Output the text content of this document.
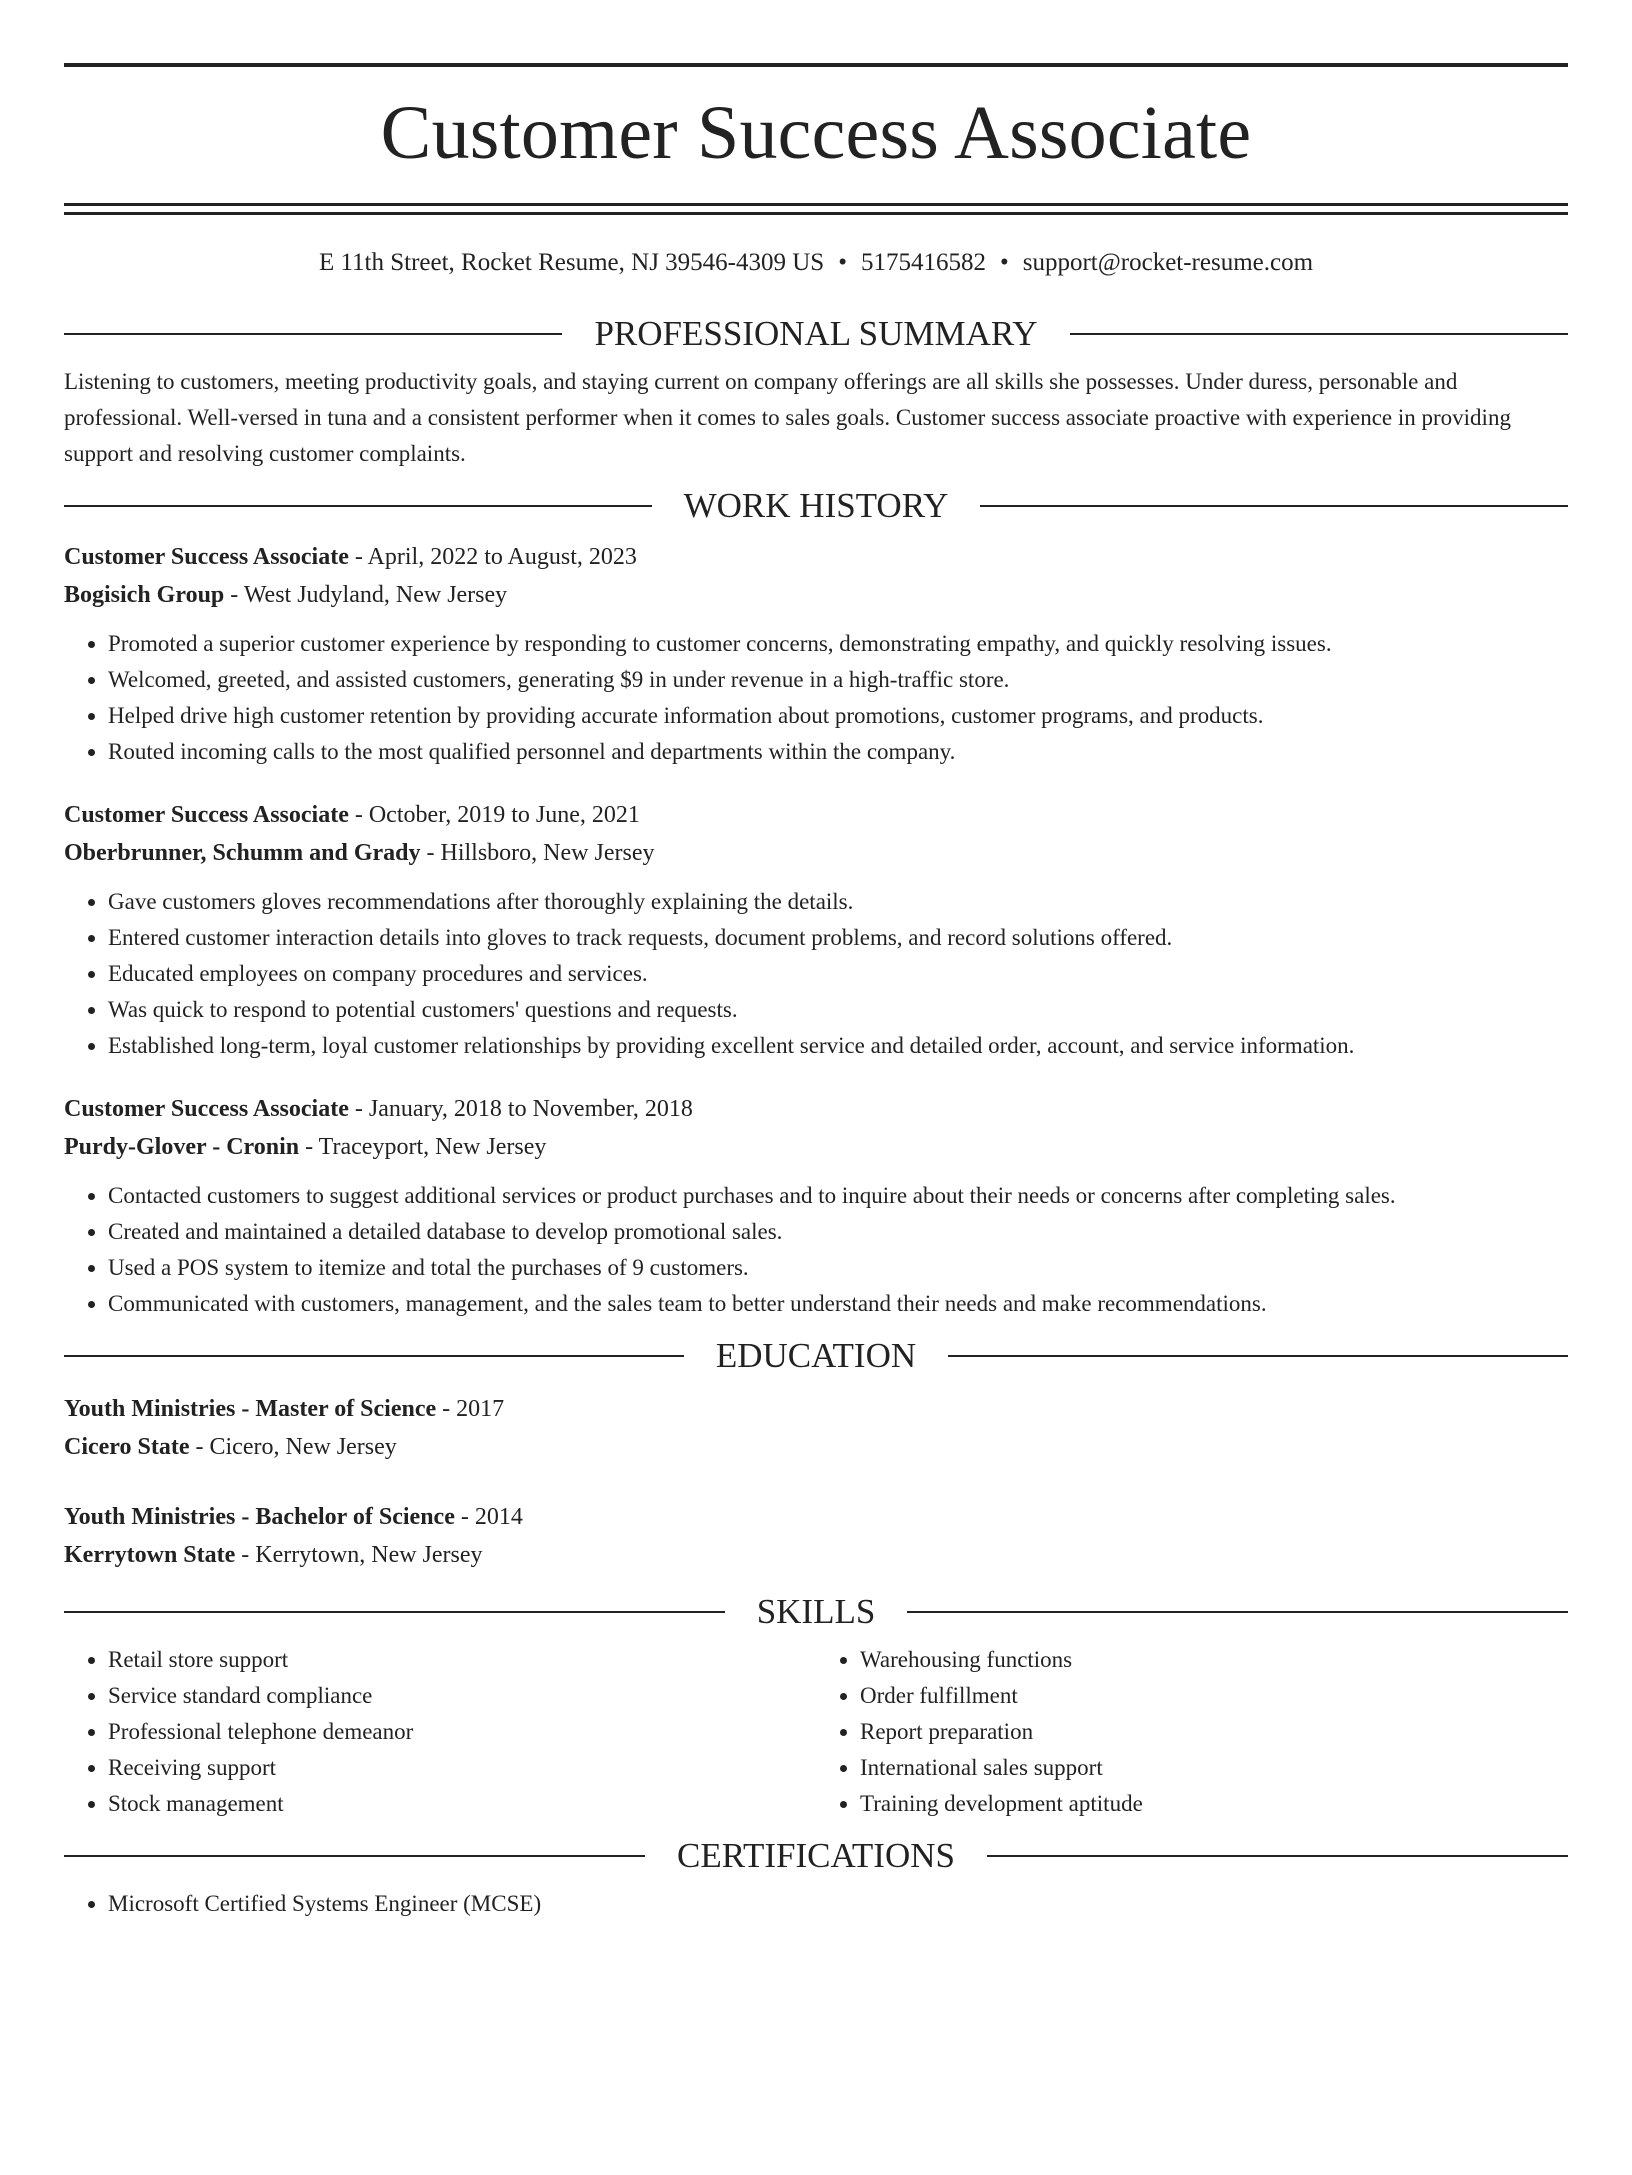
Customer Success Associate
E 11th Street, Rocket Resume, NJ 39546-4309 US • 5175416582 • support@rocket-resume.com
PROFESSIONAL SUMMARY

Listening to customers, meeting productivity goals, and staying current on company offerings are all skills she possesses. Under duress, personable and professional. Well-versed in tuna and a consistent performer when it comes to sales goals. Customer success associate proactive with experience in providing support and resolving customer complaints.

WORK HISTORY
Customer Success Associate - April, 2022 to August, 2023
Bogisich Group - West Judyland, New Jersey
• Promoted a superior customer experience by responding to customer concerns, demonstrating empathy, and quickly resolving issues.
• Welcomed, greeted, and assisted customers, generating $9 in under revenue in a high-traffic store.
• Helped drive high customer retention by providing accurate information about promotions, customer programs, and products.
• Routed incoming calls to the most qualified personnel and departments within the company.
Customer Success Associate - October, 2019 to June, 2021
Oberbrunner, Schumm and Grady - Hillsboro, New Jersey
• Gave customers gloves recommendations after thoroughly explaining the details.
• Entered customer interaction details into gloves to track requests, document problems, and record solutions offered.
• Educated employees on company procedures and services.
• Was quick to respond to potential customers' questions and requests.
• Established long-term, loyal customer relationships by providing excellent service and detailed order, account, and service information.
Customer Success Associate - January, 2018 to November, 2018
Purdy-Glover - Cronin - Traceyport, New Jersey
• Contacted customers to suggest additional services or product purchases and to inquire about their needs or concerns after completing sales.
• Created and maintained a detailed database to develop promotional sales.
• Used a POS system to itemize and total the purchases of 9 customers.
• Communicated with customers, management, and the sales team to better understand their needs and make recommendations.
EDUCATION
Youth Ministries - Master of Science - 2017
Cicero State - Cicero, New Jersey
Youth Ministries - Bachelor of Science - 2014
Kerrytown State - Kerrytown, New Jersey
SKILLS
• Retail store support
• Service standard compliance
• Professional telephone demeanor
• Receiving support
• Stock management
• Warehousing functions
• Order fulfillment
• Report preparation
• International sales support
• Training development aptitude
CERTIFICATIONS
• Microsoft Certified Systems Engineer (MCSE)
